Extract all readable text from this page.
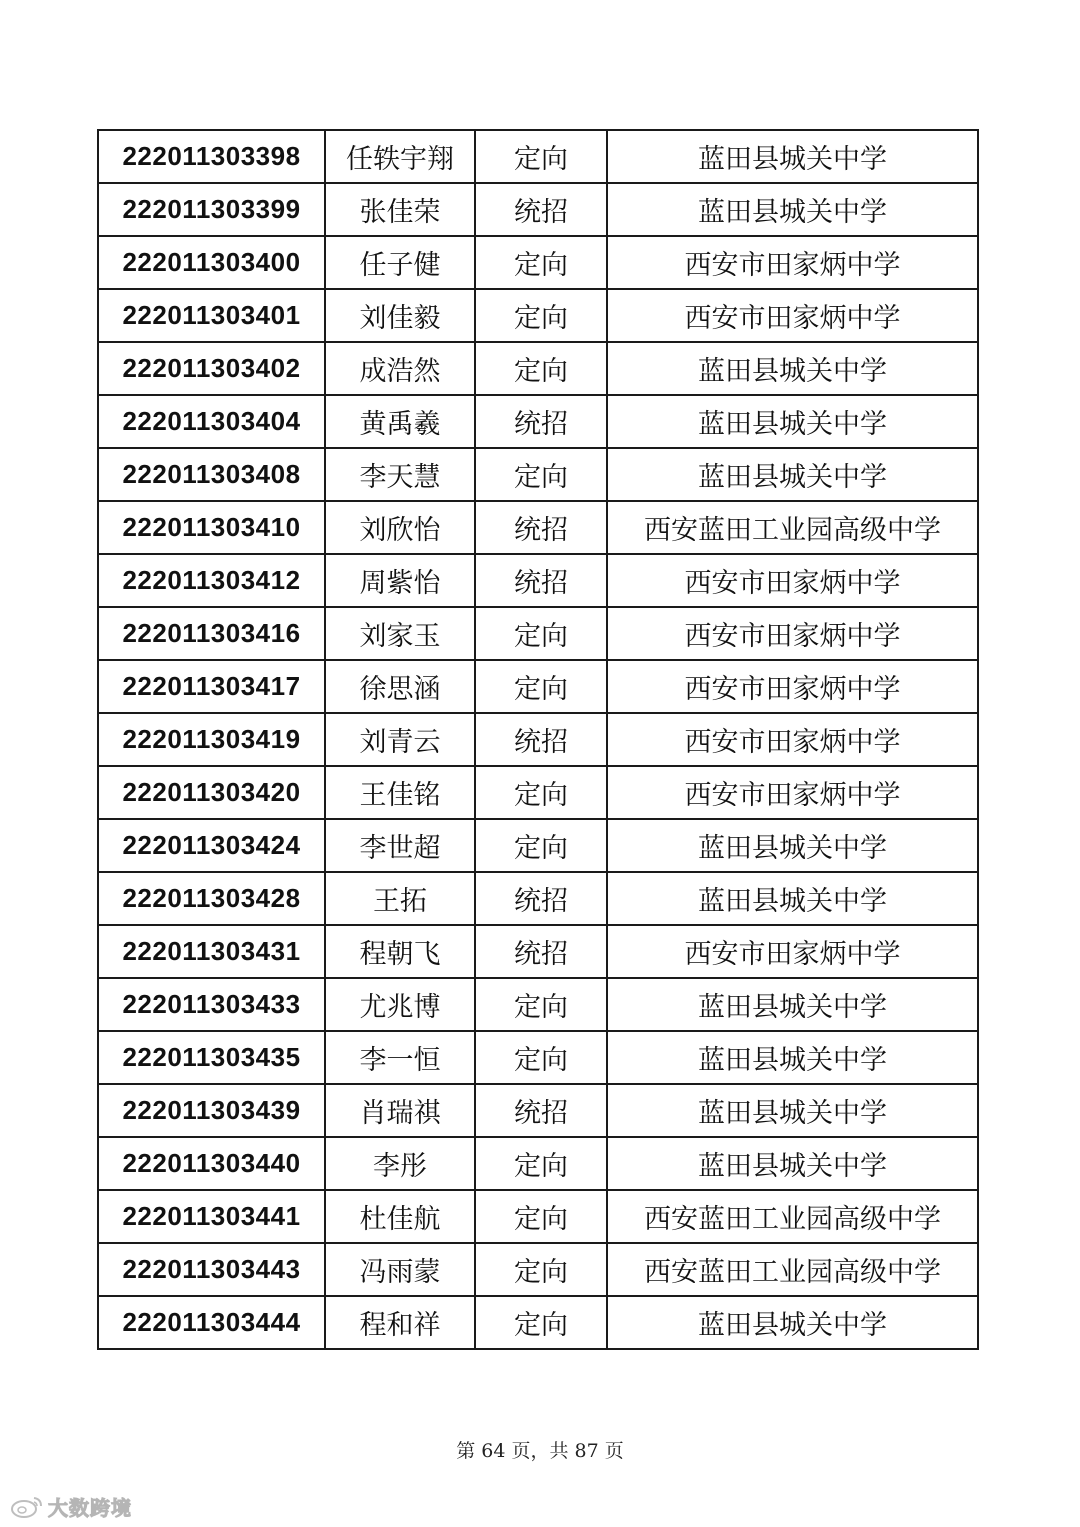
222011303398	任轶宇翔	定向	蓝田县城关中学
222011303399	张佳荣	统招	蓝田县城关中学
222011303400	任子健	定向	西安市田家炳中学
222011303401	刘佳毅	定向	西安市田家炳中学
222011303402	成浩然	定向	蓝田县城关中学
222011303404	黄禹羲	统招	蓝田县城关中学
222011303408	李天慧	定向	蓝田县城关中学
222011303410	刘欣怡	统招	西安蓝田工业园高级中学
222011303412	周紫怡	统招	西安市田家炳中学
222011303416	刘家玉	定向	西安市田家炳中学
222011303417	徐思涵	定向	西安市田家炳中学
222011303419	刘青云	统招	西安市田家炳中学
222011303420	王佳铭	定向	西安市田家炳中学
222011303424	李世超	定向	蓝田县城关中学
222011303428	王拓	统招	蓝田县城关中学
222011303431	程朝飞	统招	西安市田家炳中学
222011303433	尤兆博	定向	蓝田县城关中学
222011303435	李一恒	定向	蓝田县城关中学
222011303439	肖瑞祺	统招	蓝田县城关中学
222011303440	李彤	定向	蓝田县城关中学
222011303441	杜佳航	定向	西安蓝田工业园高级中学
222011303443	冯雨蒙	定向	西安蓝田工业园高级中学
222011303444	程和祥	定向	蓝田县城关中学
第 64 页，共 87 页
大数跨境
